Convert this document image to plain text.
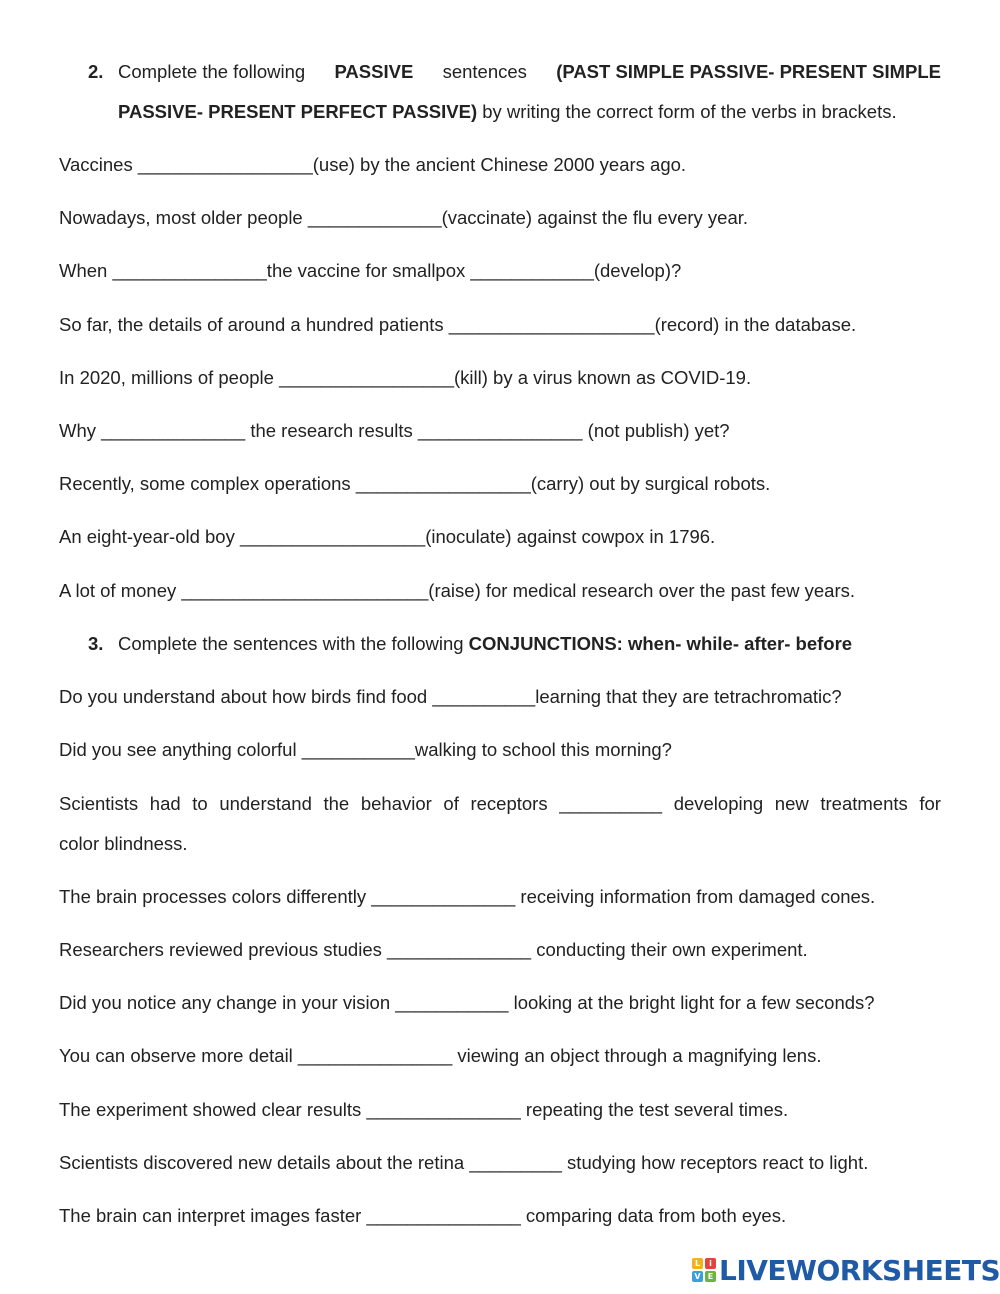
2. Complete the following PASSIVE sentences (PAST SIMPLE PASSIVE- PRESENT SIMPLE
PASSIVE- PRESENT PERFECT PASSIVE) by writing the correct form of the verbs in brackets.
Vaccines _________________(use) by the ancient Chinese 2000 years ago.
Nowadays, most older people _____________(vaccinate) against the flu every year.
When _______________the vaccine for smallpox ____________(develop)?
So far, the details of around a hundred patients ____________________(record) in the database.
In 2020, millions of people _________________(kill) by a virus known as COVID-19.
Why ______________ the research results ________________ (not publish) yet?
Recently, some complex operations _________________(carry) out by surgical robots.
An eight-year-old boy __________________(inoculate) against cowpox in 1796.
A lot of money ________________________(raise) for medical research over the past few years.
3. Complete the sentences with the following CONJUNCTIONS: when- while- after- before
Do you understand about how birds find food __________learning that they are tetrachromatic?
Did you see anything colorful ___________walking to school this morning?
Scientists had to understand the behavior of receptors __________ developing new treatments for
color blindness.
The brain processes colors differently ______________ receiving information from damaged cones.
Researchers reviewed previous studies ______________ conducting their own experiment.
Did you notice any change in your vision ___________ looking at the bright light for a few seconds?
You can observe more detail _______________ viewing an object through a magnifying lens.
The experiment showed clear results _______________ repeating the test several times.
Scientists discovered new details about the retina _________ studying how receptors react to light.
The brain can interpret images faster _______________ comparing data from both eyes.
L	i
V E LIVEWORKSHEETS
